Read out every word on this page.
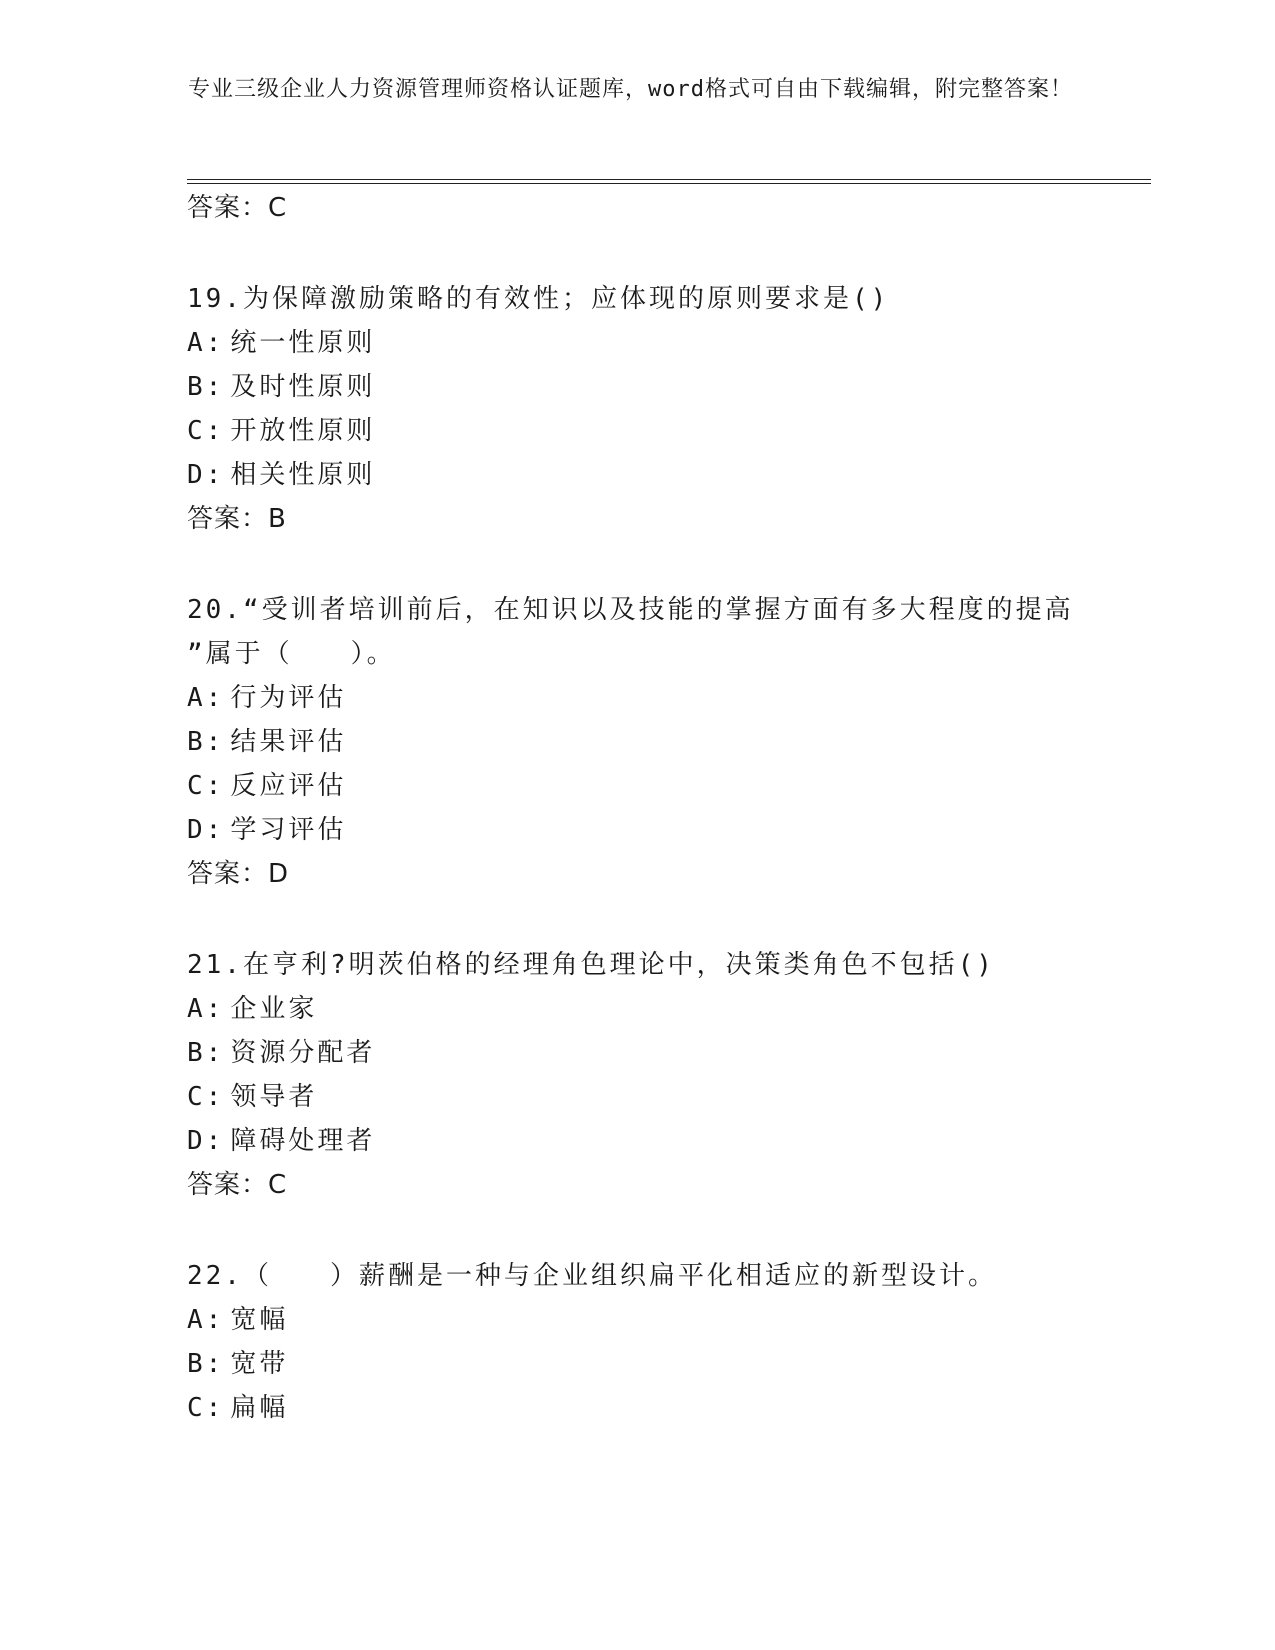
专业三级企业人力资源管理师资格认证题库，word格式可自由下载编辑，附完整答案！
答案：C
19.为保障激励策略的有效性；应体现的原则要求是()
A: 统一性原则
B: 及时性原则
C: 开放性原则
D: 相关性原则
答案：B
20.“受训者培训前后，在知识以及技能的掌握方面有多大程度的提高
”属于（　　）。
A: 行为评估
B: 结果评估
C: 反应评估
D: 学习评估
答案：D
21.在亨利?明茨伯格的经理角色理论中，决策类角色不包括()
A: 企业家
B: 资源分配者
C: 领导者
D: 障碍处理者
答案：C
22.（　　）薪酬是一种与企业组织扁平化相适应的新型设计。
A: 宽幅
B: 宽带
C: 扁幅
